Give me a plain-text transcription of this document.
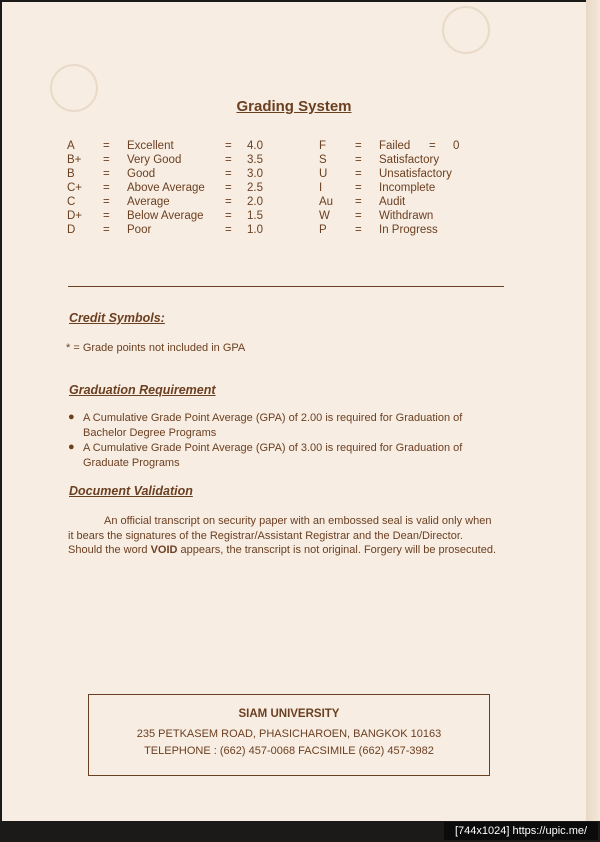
Grading System
A = Excellent	= 4.0
B+ = Very Good	= 3.5
B = Good	= 3.0
C+ = Above Average = 2.5
C = Average	= 2.0
D+ = Below Average = 1.5
D = Poor	= 1.0
F	= Failed = 0
S = Satisfactory
U = Unsatisfactory
I	= Incomplete
Au = Audit
W = Withdrawn
P = In Progress
Credit Symbols:
* = Grade points not included in GPA
Graduation Requirement
● A Cumulative Grade Point Average (GPA) of 2.00 is required for Graduation of
Bachelor Degree Programs
● A Cumulative Grade Point Average (GPA) of 3.00 is required for Graduation of
Graduate Programs
Document Validation
An official transcript on security paper with an embossed seal is valid only when
it bears the signatures of the Registrar/Assistant Registrar and the Dean/Director.
Should the word VOID appears, the transcript is not original. Forgery will be prosecuted.
SIAM UNIVERSITY
235 PETKASEM ROAD, PHASICHAROEN, BANGKOK 10163
TELEPHONE : (662) 457-0068 FACSIMILE (662) 457-3982
[744x1024] https://upic.me/
